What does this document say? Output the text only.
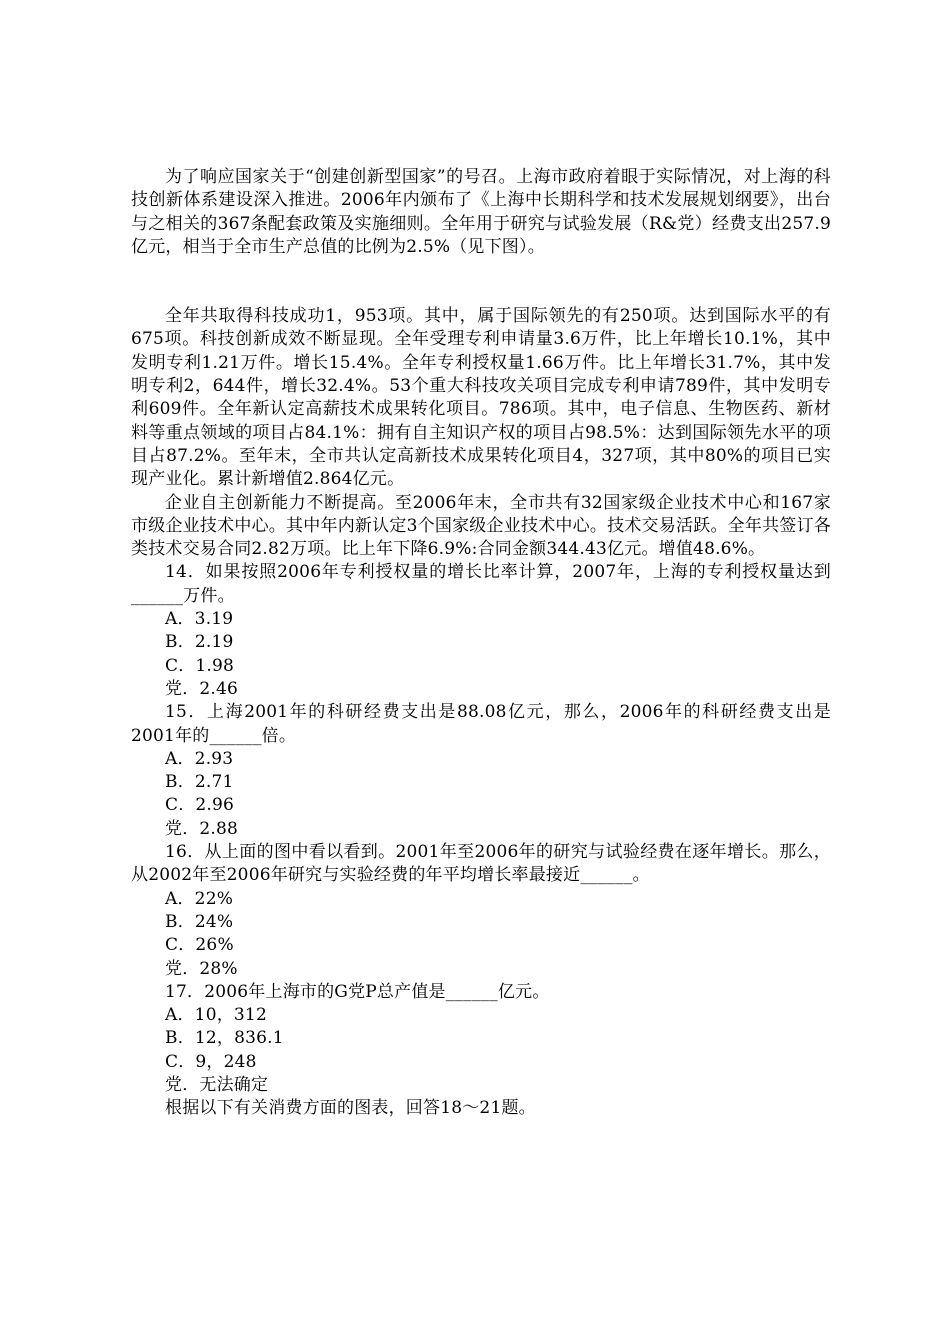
为了响应国家关于“创建创新型国家”的号召。上海市政府着眼于实际情况，对上海的科技创新体系建设深入推进。2006年内颁布了《上海中长期科学和技术发展规划纲要》，出台与之相关的367条配套政策及实施细则。全年用于研究与试验发展（R&党）经费支出257.9亿元，相当于全市生产总值的比例为2.5%（见下图）。

全年共取得科技成功1，953项。其中，属于国际领先的有250项。达到国际水平的有675项。科技创新成效不断显现。全年受理专利申请量3.6万件，比上年增长10.1%，其中发明专利1.21万件。增长15.4%。全年专利授权量1.66万件。比上年增长31.7%，其中发明专利2，644件，增长32.4%。53个重大科技攻关项目完成专利申请789件，其中发明专利609件。全年新认定高薪技术成果转化项目。786项。其中，电子信息、生物医药、新材料等重点领域的项目占84.1%：拥有自主知识产权的项目占98.5%：达到国际领先水平的项目占87.2%。至年末，全市共认定高新技术成果转化项目4，327项，其中80%的项目已实现产业化。累计新增值2.864亿元。

企业自主创新能力不断提高。至2006年末，全市共有32国家级企业技术中心和167家市级企业技术中心。其中年内新认定3个国家级企业技术中心。技术交易活跃。全年共签订各类技术交易合同2.82万项。比上年下降6.9%:合同金额344.43亿元。增值48.6%。

14．如果按照2006年专利授权量的增长比率计算，2007年，上海的专利授权量达到______万件。

A．3.19

B．2.19

C．1.98

党．2.46

15．上海2001年的科研经费支出是88.08亿元，那么，2006年的科研经费支出是2001年的______倍。

A．2.93

B．2.71

C．2.96

党．2.88

16．从上面的图中看以看到。2001年至2006年的研究与试验经费在逐年增长。那么，从2002年至2006年研究与实验经费的年平均增长率最接近______。

A．22%

B．24%

C．26%

党．28%

17．2006年上海市的G党P总产值是______亿元。

A．10，312

B．12，836.1

C．9，248

党．无法确定

根据以下有关消费方面的图表，回答18～21题。
